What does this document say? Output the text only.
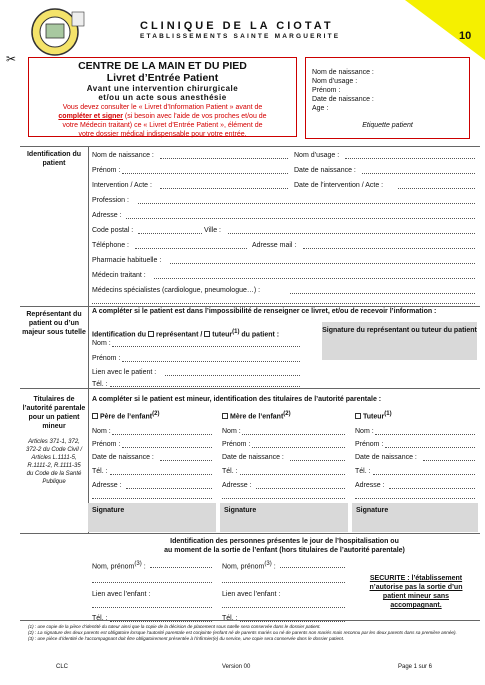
10
✂
CLINIQUE DE LA CIOTAT
ETABLISSEMENTS SAINTE MARGUERITE
CENTRE DE LA MAIN ET DU PIED
Livret d’Entrée Patient
Avant une intervention chirurgicale
et/ou un acte sous anesthésie
Vous devez consulter le « Livret d’Information Patient » avant de
compléter et signer (si besoin avec l’aide de vos proches et/ou de
votre Médecin traitant) ce « Livret d’Entrée Patient », élément de
votre dossier médical indispensable pour votre entrée.
Nom de naissance :
Nom d’usage :
Prénom :
Date de naissance :
Age :
Etiquette patient
Identification du patient
Nom de naissance :	Nom d’usage :
Prénom :	Date de naissance :
Intervention / Acte :	Date de l’intervention / Acte :
Profession :
Adresse :
Code postal :	Ville :
Téléphone :	Adresse mail :
Pharmacie habituelle :
Médecin traitant :
Médecins spécialistes (cardiologue, pneumologue…) :
Représentant du patient ou d’un majeur sous tutelle
A compléter si le patient est dans l’impossibilité de renseigner ce livret, et/ou de recevoir l’information :
Identification du représentant / tuteur$^{(1)}$ du patient :
Signature du représentant ou tuteur du patient
Nom :
Prénom :
Lien avec le patient :
Tél. :
Titulaires de l’autorité parentale pour un patient mineur
Articles 371-1, 372, 372-2 du Code Civil / Articles L.1111-5, R.1111-2, R.1111-35 du Code de la Santé Publique
A compléter si le patient est mineur, identification des titulaires de l’autorité parentale :
Père de l’enfant$^{(2)}$	Mère de l’enfant$^{(2)}$	Tuteur$^{(1)}$
Nom :	Nom :	Nom :
Prénom :	Prénom :	Prénom :
Date de naissance :	Date de naissance :	Date de naissance :
Tél. :	Tél. :	Tél. :
Adresse :	Adresse :	Adresse :
Signature	Signature	Signature
Identification des personnes présentes le jour de l’hospitalisation ou
au moment de la sortie de l’enfant (hors titulaires de l’autorité parentale)
Nom, prénom$^{(3)}$ :	Nom, prénom$^{(3)}$ :
Lien avec l’enfant :	Lien avec l’enfant :
Tél. :	Tél. :
SECURITE : l’établissement n’autorise pas la sortie d’un patient mineur sans accompagnant.
(1) : une copie de la pièce d’identité du tuteur ainsi que la copie de la décision de placement sous tutelle sera conservée dans le dossier patient.
(2) : La signature des deux parents est obligatoire lorsque l’autorité parentale est conjointe (enfant né de parents mariés ou né de parents non mariés mais reconnu par les deux parents dans sa première année).
(3) : une pièce d’identité de l’accompagnant doit être obligatoirement présentée à l’infirmier(e) du service, une copie sera conservée dans le dossier patient.
CLC	Version 00	Page 1 sur 6
